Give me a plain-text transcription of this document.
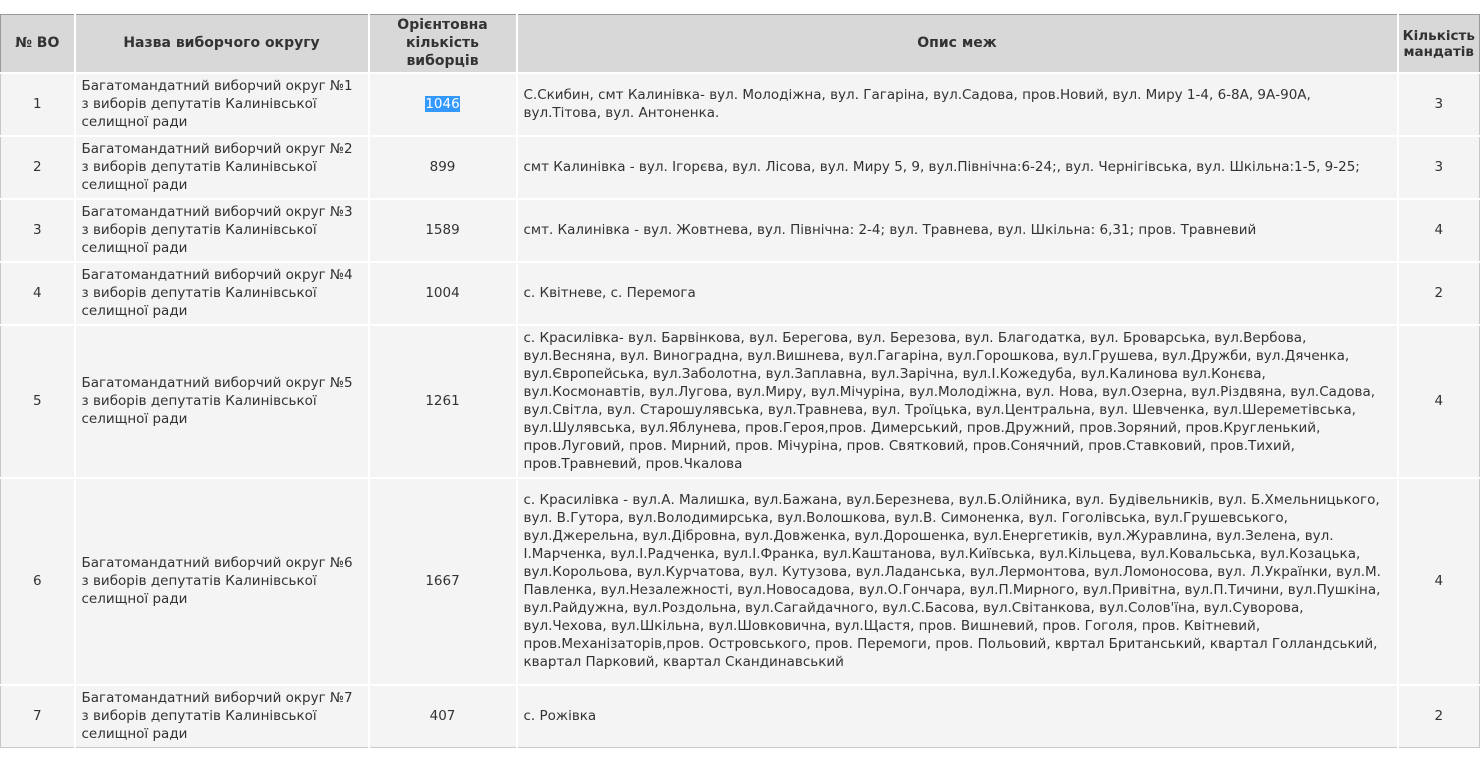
№ ВО	Назва виборчого округу	Орієнтовна
кількість
виборців	Опис меж	Кількість
мандатів
1	Багатомандатний виборчий округ №1 з виборів депутатів Калинівської селищної ради	1046	С.Скибин, смт Калинівка- вул. Молодіжна, вул. Гагаріна, вул.Садова, пров.Новий, вул. Миру 1-4, 6-8А, 9А-90А, вул.Тітова, вул. Антоненка.	3
2	Багатомандатний виборчий округ №2 з виборів депутатів Калинівської селищної ради	899	смт Калинівка - вул. Ігорєва, вул. Лісова, вул. Миру 5, 9, вул.Північна:6-24;, вул. Чернігівська, вул. Шкільна:1-5, 9-25;	3
3	Багатомандатний виборчий округ №3 з виборів депутатів Калинівської селищної ради	1589	смт. Калинівка - вул. Жовтнева, вул. Північна: 2-4; вул. Травнева, вул. Шкільна: 6,31; пров. Травневий	4
4	Багатомандатний виборчий округ №4 з виборів депутатів Калинівської селищної ради	1004	с. Квітневе, с. Перемога	2
5	Багатомандатний виборчий округ №5 з виборів депутатів Калинівської селищної ради	1261	с. Красилівка- вул. Барвінкова, вул. Берегова, вул. Березова, вул. Благодатка, вул. Броварська, вул.Вербова, вул.Весняна, вул. Виноградна, вул.Вишнева, вул.Гагаріна, вул.Горошкова, вул.Грушева, вул.Дружби, вул.Дяченка, вул.Європейська, вул.Заболотна, вул.Заплавна, вул.Зарічна, вул.І.Кожедуба, вул.Калинова вул.Конєва, вул.Космонавтів, вул.Лугова, вул.Миру, вул.Мічуріна, вул.Молодіжна, вул. Нова, вул.Озерна, вул.Різдвяна, вул.Садова, вул.Світла, вул. Старошулявська, вул.Травнева, вул. Троїцька, вул.Центральна, вул. Шевченка, вул.Шереметівська, вул.Шулявська, вул.Яблунева, пров.Героя,пров. Димерський, пров.Дружний, пров.Зоряний, пров.Кругленький, пров.Луговий, пров. Мирний, пров. Мічуріна, пров. Святковий, пров.Сонячний, пров.Ставковий, пров.Тихий, пров.Травневий, пров.Чкалова	4
6	Багатомандатний виборчий округ №6 з виборів депутатів Калинівської селищної ради	1667	с. Красилівка - вул.А. Малишка, вул.Бажана, вул.Березнева, вул.Б.Олійника, вул. Будівельників, вул. Б.Хмельницького, вул. В.Гутора, вул.Володимирська, вул.Волошкова, вул.В. Симоненка, вул. Гоголівська, вул.Грушевського, вул.Джерельна, вул.Дібровна, вул.Довженка, вул.Дорошенка, вул.Енергетиків, вул.Журавлина, вул.Зелена, вул. І.Марченка, вул.І.Радченка, вул.І.Франка, вул.Каштанова, вул.Київська, вул.Кільцева, вул.Ковальська, вул.Козацька, вул.Корольова, вул.Курчатова, вул. Кутузова, вул.Ладанська, вул.Лермонтова, вул.Ломоносова, вул. Л.Українки, вул.М. Павленка, вул.Незалежності, вул.Новосадова, вул.О.Гончара, вул.П.Мирного, вул.Привітна, вул.П.Тичини, вул.Пушкіна, вул.Райдужна, вул.Роздольна, вул.Сагайдачного, вул.С.Басова, вул.Світанкова, вул.Солов'їна, вул.Суворова, вул.Чехова, вул.Шкільна, вул.Шовковична, вул.Щастя, пров. Вишневий, пров. Гоголя, пров. Квітневий, пров.Механізаторів,пров. Островського, пров. Перемоги, пров. Польовий, квртал Британський, квартал Голландський, квартал Парковий, квартал Скандинавський	4
7	Багатомандатний виборчий округ №7 з виборів депутатів Калинівської селищної ради	407	с. Рожівка	2
